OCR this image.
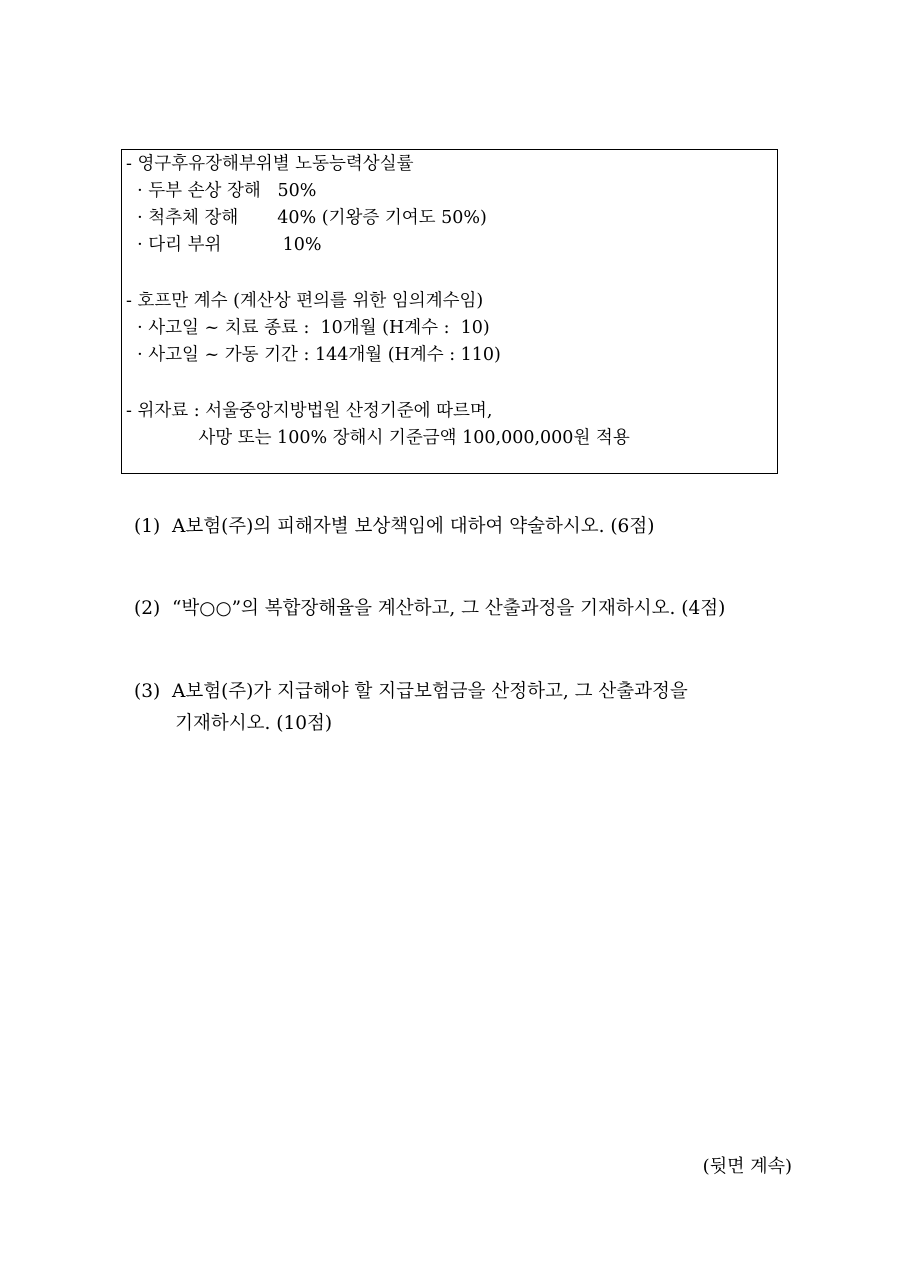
- 영구후유장해부위별 노동능력상실률
· 두부 손상 장해   50%
· 척추체 장해       40% (기왕증 기여도 50%)
· 다리 부위           10%
- 호프만 계수 (계산상 편의를 위한 임의계수임)
· 사고일 ~ 치료 종료 :  10개월 (H계수 :  10)
· 사고일 ~ 가동 기간 : 144개월 (H계수 : 110)
- 위자료 : 서울중앙지방법원 산정기준에 따르며,
사망 또는 100% 장해시 기준금액 100,000,000원 적용
(1)  A보험(주)의 피해자별 보상책임에 대하여 약술하시오. (6점)
(2)  “박○○”의 복합장해율을 계산하고, 그 산출과정을 기재하시오. (4점)
(3)  A보험(주)가 지급해야 할 지급보험금을 산정하고, 그 산출과정을
기재하시오. (10점)
(뒷면 계속)
